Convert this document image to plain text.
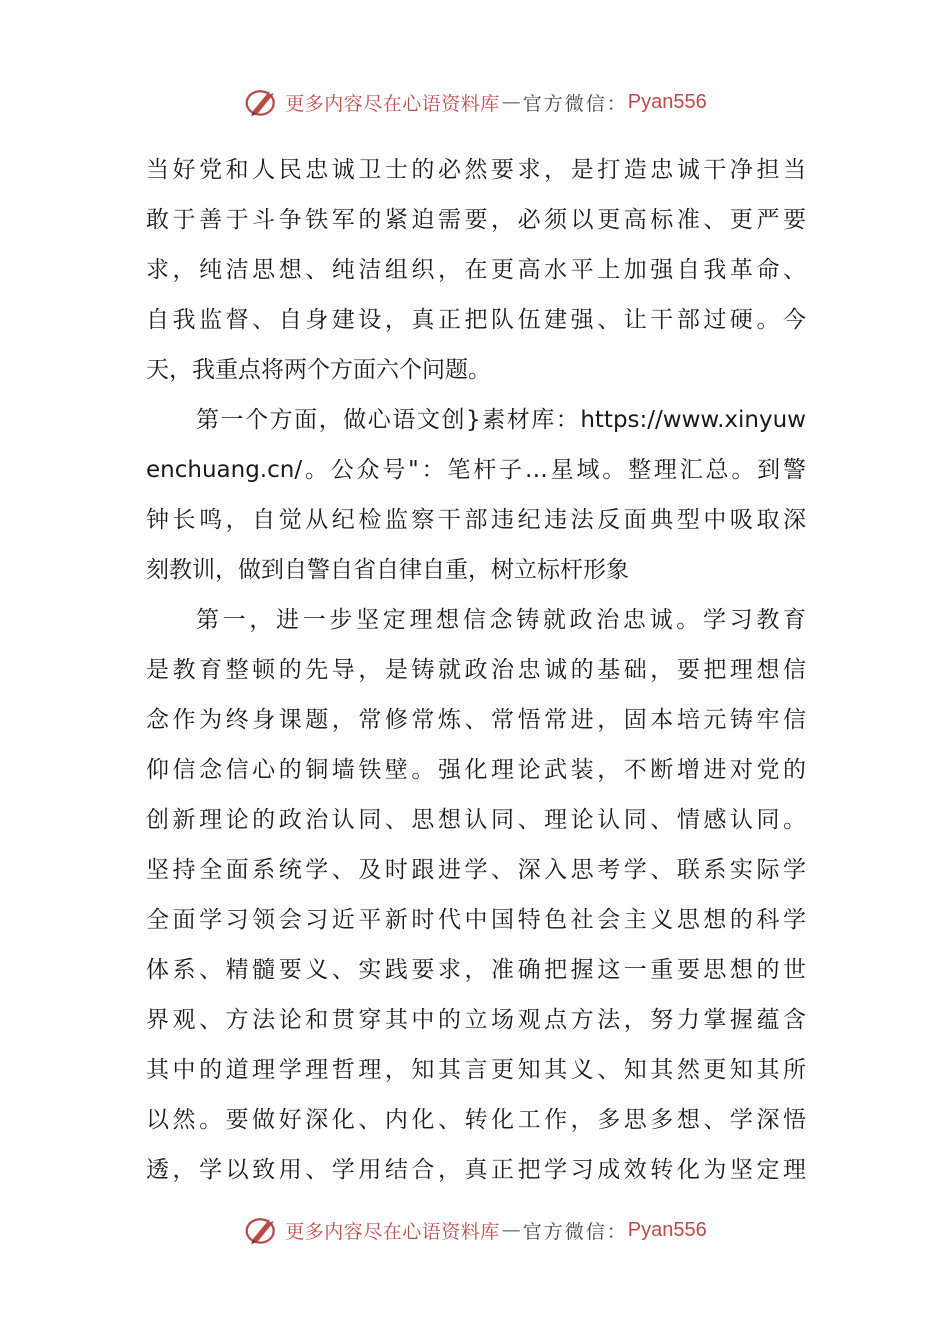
更多内容尽在心语资料库 — 官方微信： Pyan556
当好党和人民忠诚卫士的必然要求，是打造忠诚干净担当
敢于善于斗争铁军的紧迫需要，必须以更高标准、更严要
求，纯洁思想、纯洁组织，在更高水平上加强自我革命、
自我监督、自身建设，真正把队伍建强、让干部过硬。今
天，我重点将两个方面六个问题。
第一个方面，做心语文创}素材库：https://www.xinyuw
enchuang.cn/。公众号"：笔杆子…星域。整理汇总。到警
钟长鸣，自觉从纪检监察干部违纪违法反面典型中吸取深
刻教训，做到自警自省自律自重，树立标杆形象
第一，进一步坚定理想信念铸就政治忠诚。学习教育
是教育整顿的先导，是铸就政治忠诚的基础，要把理想信
念作为终身课题，常修常炼、常悟常进，固本培元铸牢信
仰信念信心的铜墙铁壁。强化理论武装，不断增进对党的
创新理论的政治认同、思想认同、理论认同、情感认同。
坚持全面系统学、及时跟进学、深入思考学、联系实际学
全面学习领会习近平新时代中国特色社会主义思想的科学
体系、精髓要义、实践要求，准确把握这一重要思想的世
界观、方法论和贯穿其中的立场观点方法，努力掌握蕴含
其中的道理学理哲理，知其言更知其义、知其然更知其所
以然。要做好深化、内化、转化工作，多思多想、学深悟
透，学以致用、学用结合，真正把学习成效转化为坚定理
更多内容尽在心语资料库 — 官方微信： Pyan556
